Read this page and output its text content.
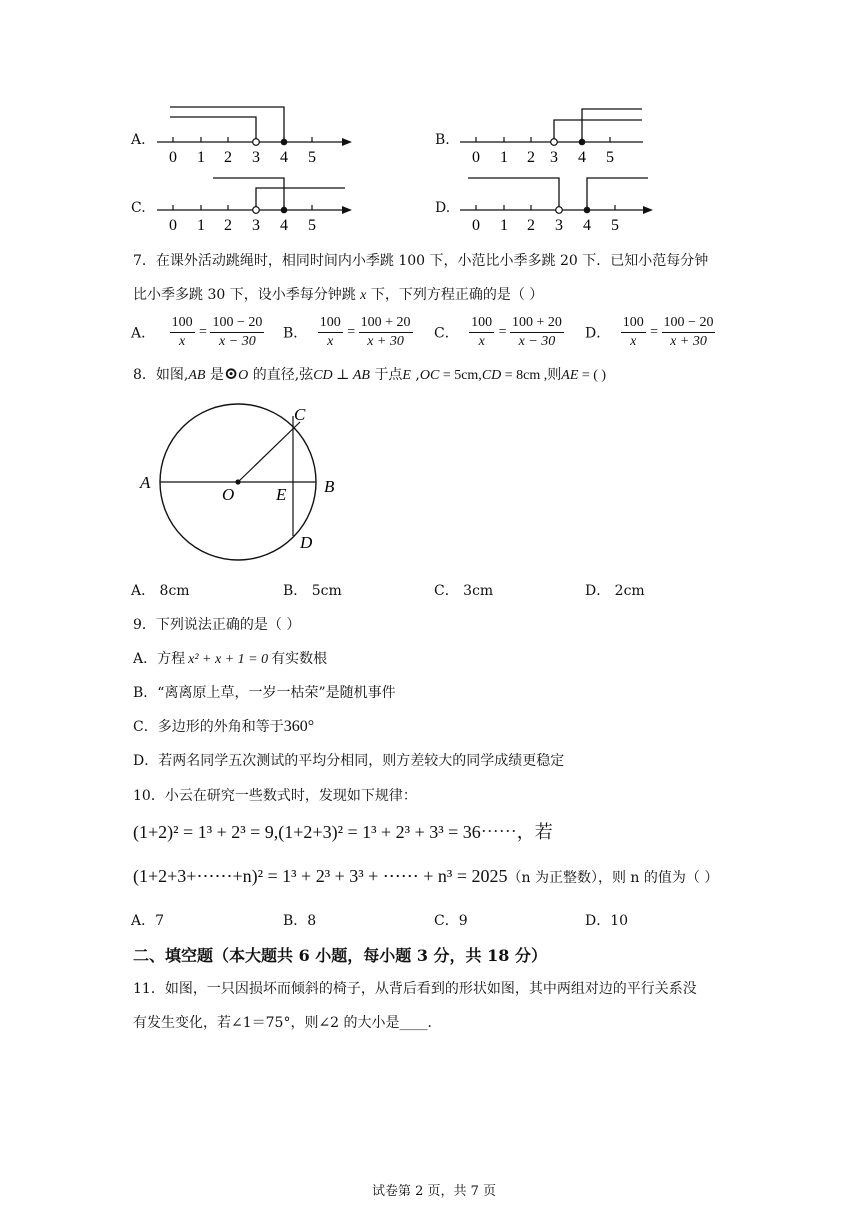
A.
0 1 2 3 4 5
B.
0 1 2 3 4 5
C.
0 1 2 3 4 5
D.
0 1 2 3 4 5
7．在课外活动跳绳时，相同时间内小季跳 100 下，小范比小季多跳 20 下．已知小范每分钟
比小季多跳 30 下，设小季每分钟跳 x 下，下列方程正确的是（ ）
A． $\frac{100}{x} = \frac{100 - 20}{x - 30}$ B． $\frac{100}{x} = \frac{100 + 20}{x + 30}$ C． $\frac{100}{x} = \frac{100 + 20}{x - 30}$ D． $\frac{100}{x} = \frac{100 - 20}{x + 30}$
8．如图,AB 是⊙O 的直径,弦CD ⊥ AB 于点E ,OC = 5cm,CD = 8cm ,则AE = ( )
A	B
C
D
O E
A． 8cm	B． 5cm	C． 3cm	D． 2cm
9．下列说法正确的是（ ）
A．方程 x² + x + 1 = 0 有实数根
B．“离离原上草，一岁一枯荣”是随机事件
C．多边形的外角和等于360°
D．若两名同学五次测试的平均分相同，则方差较大的同学成绩更稳定
10．小云在研究一些数式时，发现如下规律：
(1+2)² = 1³ + 2³ = 9,(1+2+3)² = 1³ + 2³ + 3³ = 36⋯⋯，若
(1+2+3+⋯⋯+n)² = 1³ + 2³ + 3³ + ⋯⋯ + n³ = 2025（n 为正整数），则 n 的值为（ ）
A．7	B．8	C．9	D．10
二、填空题（本大题共 6 小题，每小题 3 分，共 18 分）
11．如图，一只因损坏而倾斜的椅子，从背后看到的形状如图，其中两组对边的平行关系没
有发生变化，若∠1＝75°，则∠2 的大小是____．
试卷第 2 页，共 7 页
